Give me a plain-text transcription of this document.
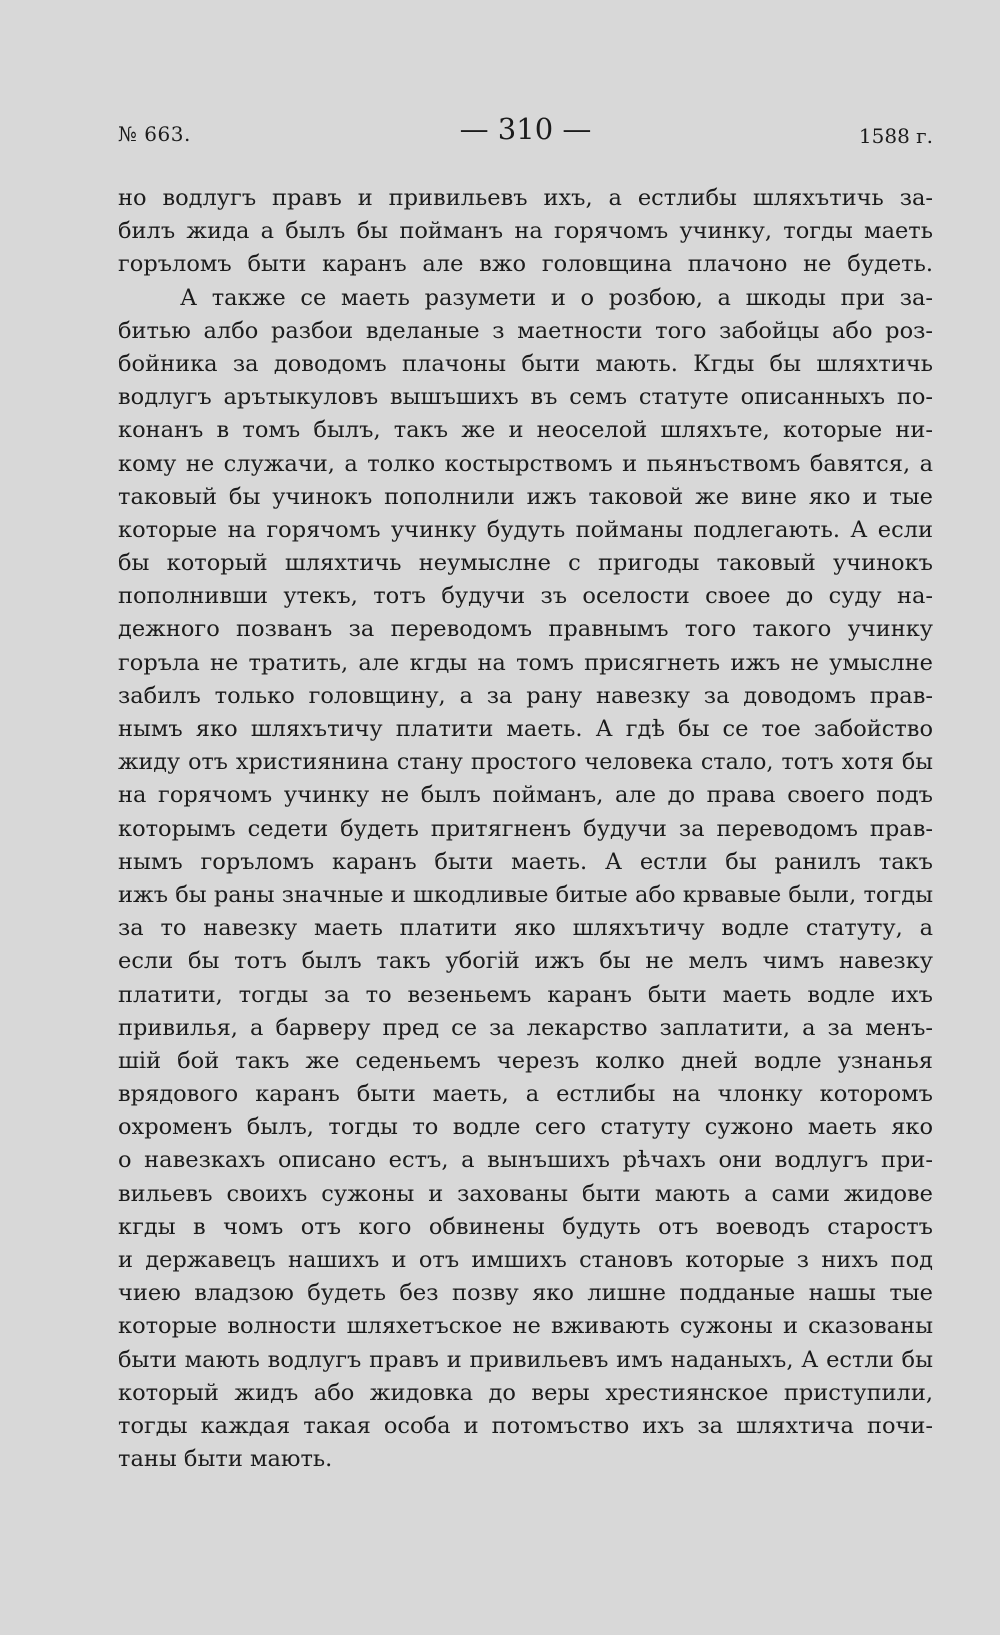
№ 663.	— 310 —	1588 г.
но водлугъ правъ и привильевъ ихъ, а естлибы шляхътичь за-
билъ жида а былъ бы пойманъ на горячомъ учинку, тогды маеть
горъломъ быти каранъ але вжо головщина плачоно не будеть.
А также се маеть разумети и о розбою, а шкоды при за-
битью албо разбои вделаные з маетности того забойцы або роз-
бойника за доводомъ плачоны быти мають. Кгды бы шляхтичь
водлугъ арътыкуловъ вышъшихъ въ семъ статуте описанныхъ по-
конанъ в томъ былъ, такъ же и неоселой шляхъте, которые ни-
кому не служачи, а толко костырствомъ и пьянъствомъ бавятся, а
таковый бы учинокъ пополнили ижъ таковой же вине яко и тые
которые на горячомъ учинку будуть пойманы подлегають. А если
бы который шляхтичь неумыслне с пригоды таковый учинокъ
пополнивши утекъ, тотъ будучи зъ оселости своее до суду на-
дежного позванъ за переводомъ правнымъ того такого учинку
горъла не тратить, але кгды на томъ присягнеть ижъ не умыслне
забилъ только головщину, а за рану навезку за доводомъ прав-
нымъ яко шляхътичу платити маеть. А гдѣ бы се тое забойство
жиду отъ християнина стану простого человека стало, тотъ хотя бы
на горячомъ учинку не былъ пойманъ, але до права своего подъ
которымъ седети будеть притягненъ будучи за переводомъ прав-
нымъ горъломъ каранъ быти маеть. А естли бы ранилъ такъ
ижъ бы раны значные и шкодливые битые або крвавые были, тогды
за то навезку маеть платити яко шляхътичу водле статуту, а
если бы тотъ былъ такъ убогій ижъ бы не мелъ чимъ навезку
платити, тогды за то везеньемъ каранъ быти маеть водле ихъ
привилья, а барверу пред се за лекарство заплатити, а за менъ-
шій бой такъ же седеньемъ черезъ колко дней водле узнанья
врядового каранъ быти маеть, а естлибы на члонку которомъ
охроменъ былъ, тогды то водле сего статуту сужоно маеть яко
о навезкахъ описано естъ, а вынъшихъ рѣчахъ они водлугъ при-
вильевъ своихъ сужоны и захованы быти мають а сами жидове
кгды в чомъ отъ кого обвинены будуть отъ воеводъ старостъ
и державецъ нашихъ и отъ имшихъ становъ которые з нихъ под
чиею владзою будеть без позву яко лишне подданые нашы тые
которые волности шляхетъское не вживають сужоны и сказованы
быти мають водлугъ правъ и привильевъ имъ наданыхъ, А естли бы
который жидъ або жидовка до веры хрестиянское приступили,
тогды каждая такая особа и потомъство ихъ за шляхтича почи-
таны быти мають.
